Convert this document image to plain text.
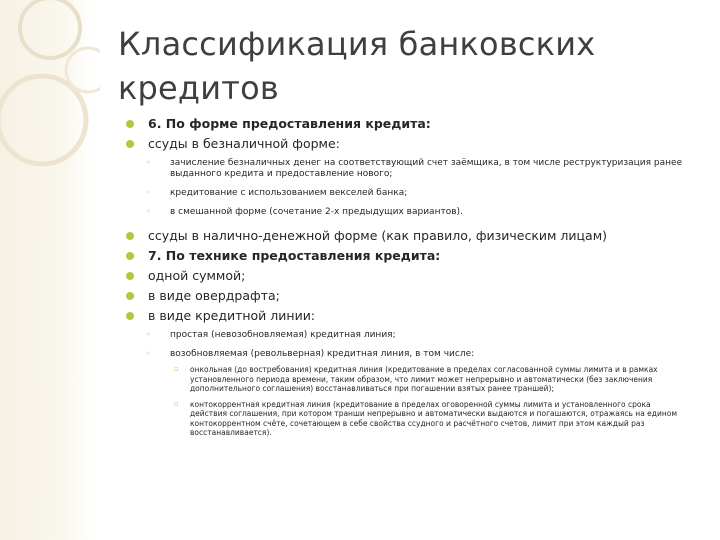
Классификация банковских кредитов
6. По форме предоставления кредита:
ссуды в безналичной форме:
◦ зачисление безналичных денег на соответствующий счет заёмщика, в том числе реструктуризация ранее выданного кредита и предоставление нового;
◦ кредитование с использованием векселей банка;
◦ в смешанной форме (сочетание 2-х предыдущих вариантов).
ссуды в налично-денежной форме (как правило, физическим лицам)
7. По технике предоставления кредита:
одной суммой;
в виде овердрафта;
в виде кредитной линии:
◦ простая (невозобновляемая) кредитная линия;
◦ возобновляемая (револьверная) кредитная линия, в том числе:
▫ онкольная (до востребования) кредитная линия (кредитование в пределах согласованной суммы лимита и в рамках установленного периода времени, таким образом, что лимит может непрерывно и автоматически (без заключения дополнительного соглашения) восстанавливаться при погашении взятых ранее траншей);
▫ контокоррентная кредитная линия (кредитование в пределах оговоренной суммы лимита и установленного срока действия соглашения, при котором транши непрерывно и автоматически выдаются и погашаются, отражаясь на едином контокоррентном счёте, сочетающем в себе свойства ссудного и расчётного счетов, лимит при этом каждый раз восстанавливается).
